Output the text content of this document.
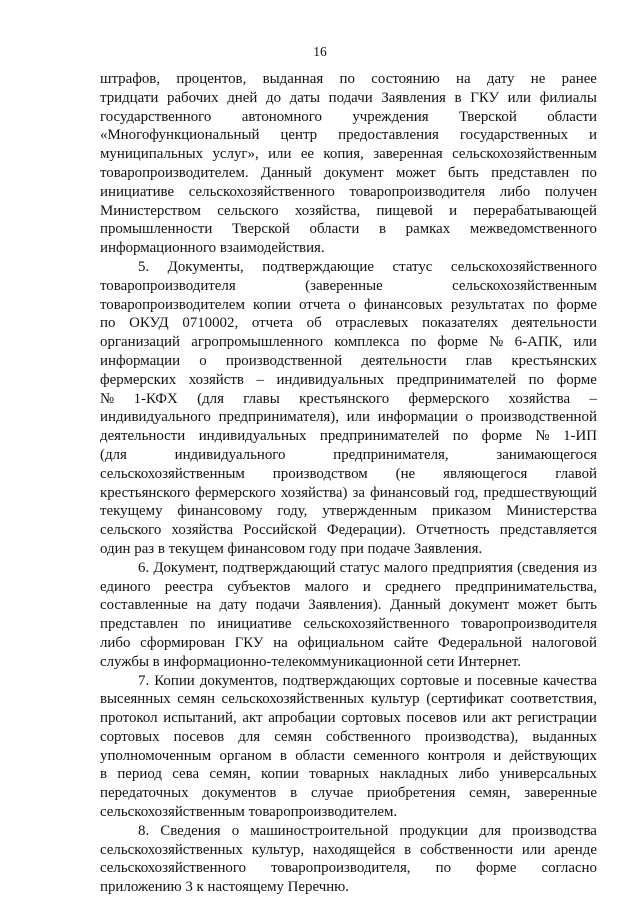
16
штрафов, процентов, выданная по состоянию на дату не ранее
тридцати рабочих дней до даты подачи Заявления в ГКУ или филиалы
государственного автономного учреждения Тверской области
«Многофункциональный центр предоставления государственных и
муниципальных услуг», или ее копия, заверенная сельскохозяйственным
товаропроизводителем. Данный документ может быть представлен по
инициативе сельскохозяйственного товаропроизводителя либо получен
Министерством сельского хозяйства, пищевой и перерабатывающей
промышленности Тверской области в рамках межведомственного
информационного взаимодействия.
5. Документы, подтверждающие статус сельскохозяйственного
товаропроизводителя	(заверенные	сельскохозяйственным
товаропроизводителем копии отчета о финансовых результатах по форме
по ОКУД 0710002, отчета об отраслевых показателях деятельности
организаций агропромышленного комплекса по форме № 6-АПК, или
информации о производственной деятельности глав крестьянских
фермерских хозяйств – индивидуальных предпринимателей по форме
№ 1-КФХ (для главы крестьянского фермерского хозяйства –
индивидуального предпринимателя), или информации о производственной
деятельности индивидуальных предпринимателей по форме № 1-ИП
(для	индивидуального	предпринимателя,	занимающегося
сельскохозяйственным производством (не являющегося главой
крестьянского фермерского хозяйства) за финансовый год, предшествующий
текущему финансовому году, утвержденным приказом Министерства
сельского хозяйства Российской Федерации). Отчетность представляется
один раз в текущем финансовом году при подаче Заявления.
6. Документ, подтверждающий статус малого предприятия (сведения из
единого реестра субъектов малого и среднего предпринимательства,
составленные на дату подачи Заявления). Данный документ может быть
представлен по инициативе сельскохозяйственного товаропроизводителя
либо сформирован ГКУ на официальном сайте Федеральной налоговой
службы в информационно-телекоммуникационной сети Интернет.
7. Копии документов, подтверждающих сортовые и посевные качества
высеянных семян сельскохозяйственных культур (сертификат соответствия,
протокол испытаний, акт апробации сортовых посевов или акт регистрации
сортовых посевов для семян собственного производства), выданных
уполномоченным органом в области семенного контроля и действующих
в период сева семян, копии товарных накладных либо универсальных
передаточных документов в случае приобретения семян, заверенные
сельскохозяйственным товаропроизводителем.
8. Сведения о машиностроительной продукции для производства
сельскохозяйственных культур, находящейся в собственности или аренде
сельскохозяйственного товаропроизводителя, по форме согласно
приложению 3 к настоящему Перечню.
